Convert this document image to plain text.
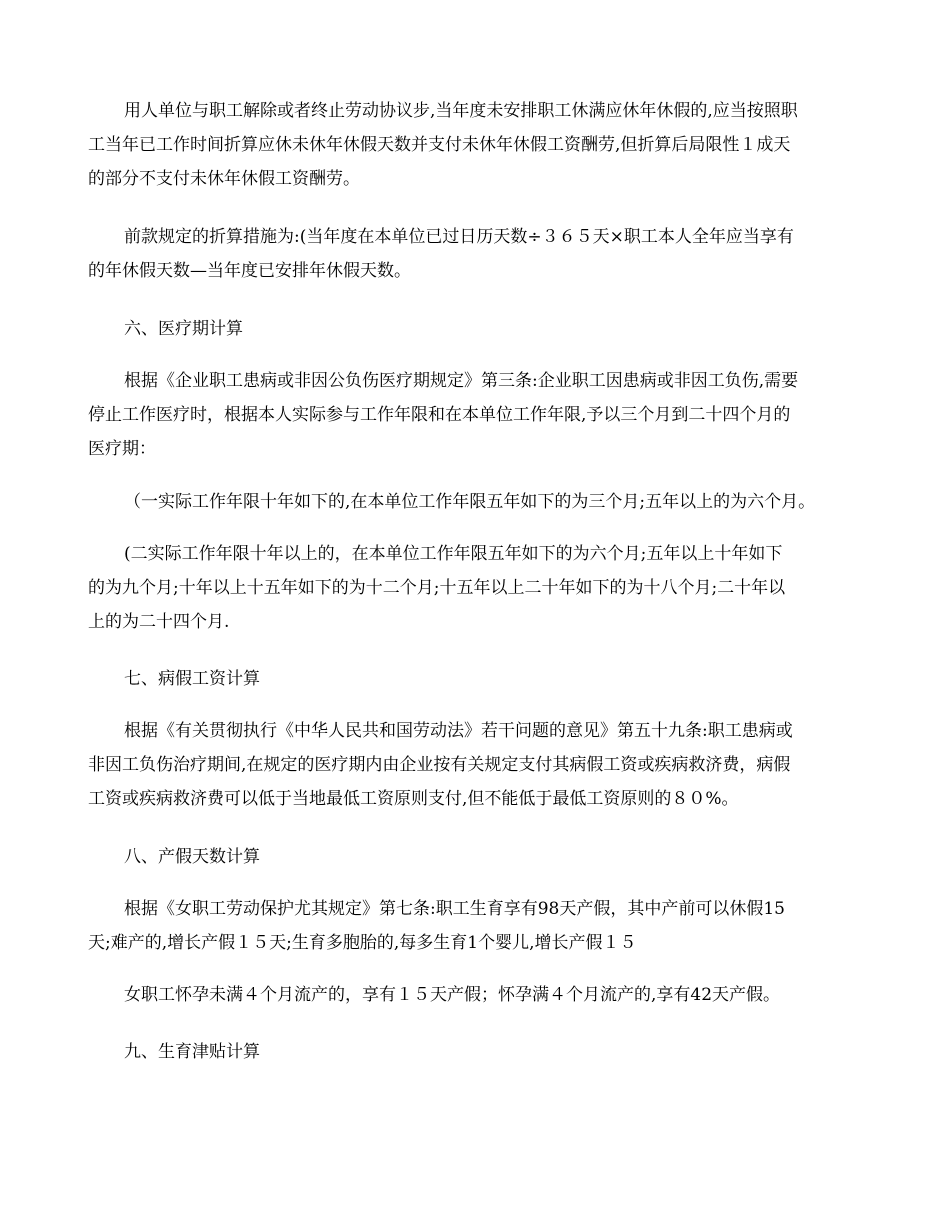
用人单位与职工解除或者终止劳动协议步,当年度未安排职工休满应休年休假的,应当按照职

工当年已工作时间折算应休未休年休假天数并支付未休年休假工资酬劳,但折算后局限性１成天

的部分不支付未休年休假工资酬劳。

前款规定的折算措施为:(当年度在本单位已过日历天数÷３６５天×职工本人全年应当享有

的年休假天数—当年度已安排年休假天数。

六、医疗期计算

根据《企业职工患病或非因公负伤医疗期规定》第三条:企业职工因患病或非因工负伤,需要

停止工作医疗时，根据本人实际参与工作年限和在本单位工作年限,予以三个月到二十四个月的

医疗期：

（一实际工作年限十年如下的,在本单位工作年限五年如下的为三个月;五年以上的为六个月。

(二实际工作年限十年以上的，在本单位工作年限五年如下的为六个月;五年以上十年如下

的为九个月;十年以上十五年如下的为十二个月;十五年以上二十年如下的为十八个月;二十年以

上的为二十四个月.

七、病假工资计算

根据《有关贯彻执行《中华人民共和国劳动法》若干问题的意见》第五十九条:职工患病或

非因工负伤治疗期间,在规定的医疗期内由企业按有关规定支付其病假工资或疾病救济费，病假

工资或疾病救济费可以低于当地最低工资原则支付,但不能低于最低工资原则的８０%。

八、产假天数计算

根据《女职工劳动保护尤其规定》第七条:职工生育享有98天产假，其中产前可以休假15

天;难产的,增长产假１５天;生育多胞胎的,每多生育1个婴儿,增长产假１５

女职工怀孕未满４个月流产的，享有１５天产假；怀孕满４个月流产的,享有42天产假。

九、生育津贴计算
